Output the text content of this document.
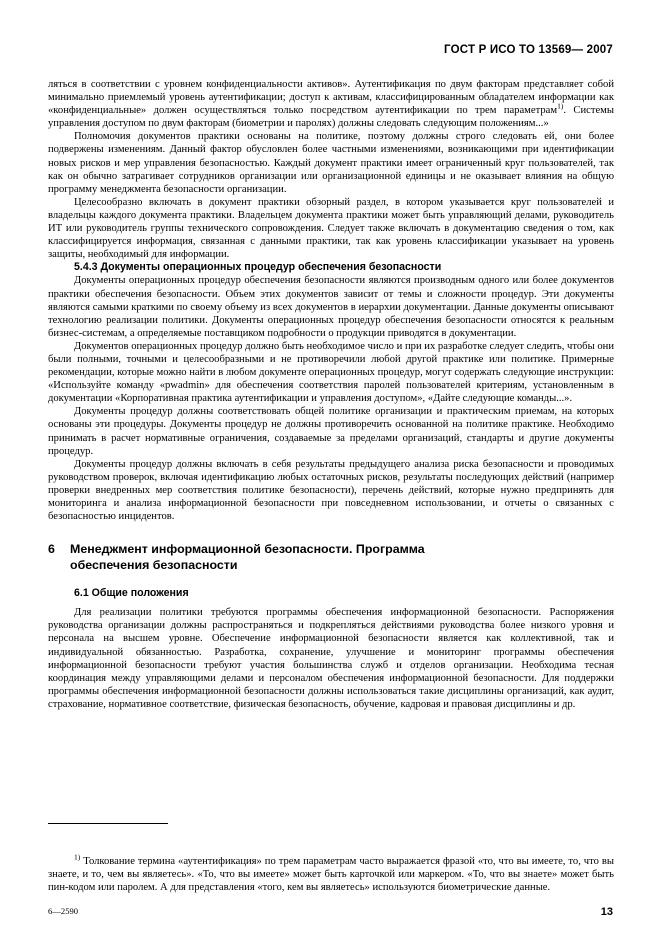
ГОСТ Р ИСО ТО 13569— 2007

ляться в соответствии с уровнем конфиденциальности активов». Аутентификация по двум факторам представляет собой минимально приемлемый уровень аутентификации; доступ к активам, классифицированным обладателем информации как «конфиденциальные» должен осуществляться только посредством аутентификации по трем параметрам$^{1)}$. Системы управления доступом по двум факторам (биометрии и паролях) должны следовать следующим положениям...»

Полномочия документов практики основаны на политике, поэтому должны строго следовать ей, они более подвержены изменениям. Данный фактор обусловлен более частными изменениями, возникающими при идентификации новых рисков и мер управления безопасностью. Каждый документ практики имеет ограниченный круг пользователей, так как он обычно затрагивает сотрудников организации или организационной единицы и не оказывает влияния на общую программу менеджмента безопасности организации.

Целесообразно включать в документ практики обзорный раздел, в котором указывается круг пользователей и владельцы каждого документа практики. Владельцем документа практики может быть управляющий делами, руководитель ИТ или руководитель группы технического сопровождения. Следует также включать в документацию сведения о том, как классифицируется информация, связанная с данными практики, так как уровень классификации указывает на уровень защиты, необходимый для информации.

5.4.3 Документы операционных процедур обеспечения безопасности

Документы операционных процедур обеспечения безопасности являются производным одного или более документов практики обеспечения безопасности. Объем этих документов зависит от темы и сложности процедур. Эти документы являются самыми краткими по своему объему из всех документов в иерархии документации. Данные документы описывают технологию реализации политики. Документы операционных процедур обеспечения безопасности относятся к реальным бизнес-системам, а определяемые поставщиком подробности о продукции приводятся в документации.

Документов операционных процедур должно быть необходимое число и при их разработке следует следить, чтобы они были полными, точными и целесообразными и не противоречили любой другой практике или политике. Примерные рекомендации, которые можно найти в любом документе операционных процедур, могут содержать следующие инструкции: «Используйте команду «pwadmin» для обеспечения соответствия паролей пользователей критериям, установленным в документации «Корпоративная практика аутентификации и управления доступом», «Дайте следующие команды...».

Документы процедур должны соответствовать общей политике организации и практическим приемам, на которых основаны эти процедуры. Документы процедур не должны противоречить основанной на политике практике. Необходимо принимать в расчет нормативные ограничения, создаваемые за пределами организаций, стандарты и другие документы процедур.

Документы процедур должны включать в себя результаты предыдущего анализа риска безопасности и проводимых руководством проверок, включая идентификацию любых остаточных рисков, результаты последующих действий (например проверки внедренных мер соответствия политике безопасности), перечень действий, которые нужно предпринять для мониторинга и анализа информационной безопасности при повседневном использовании, и отчеты о связанных с безопасностью инцидентов.

6 Менеджмент информационной безопасности. Программа
обеспечения безопасности
6.1 Общие положения

Для реализации политики требуются программы обеспечения информационной безопасности. Распоряжения руководства организации должны распространяться и подкрепляться действиями руководства более низкого уровня и персонала на высшем уровне. Обеспечение информационной безопасности является как коллективной, так и индивидуальной обязанностью. Разработка, сохранение, улучшение и мониторинг программы обеспечения информационной безопасности требуют участия большинства служб и отделов организации. Необходима тесная координация между управляющими делами и персоналом обеспечения информационной безопасности. Для поддержки программы обеспечения информационной безопасности должны использоваться такие дисциплины организаций, как аудит, страхование, нормативное соответствие, физическая безопасность, обучение, кадровая и правовая дисциплины и др.

$^{1)}$ Толкование термина «аутентификация» по трем параметрам часто выражается фразой «то, что вы имеете, то, что вы знаете, и то, чем вы являетесь». «То, что вы имеете» может быть карточкой или маркером. «То, что вы знаете» может быть пин-кодом или паролем. А для представления «того, кем вы являетесь» используются биометрические данные.

6—2590	13
